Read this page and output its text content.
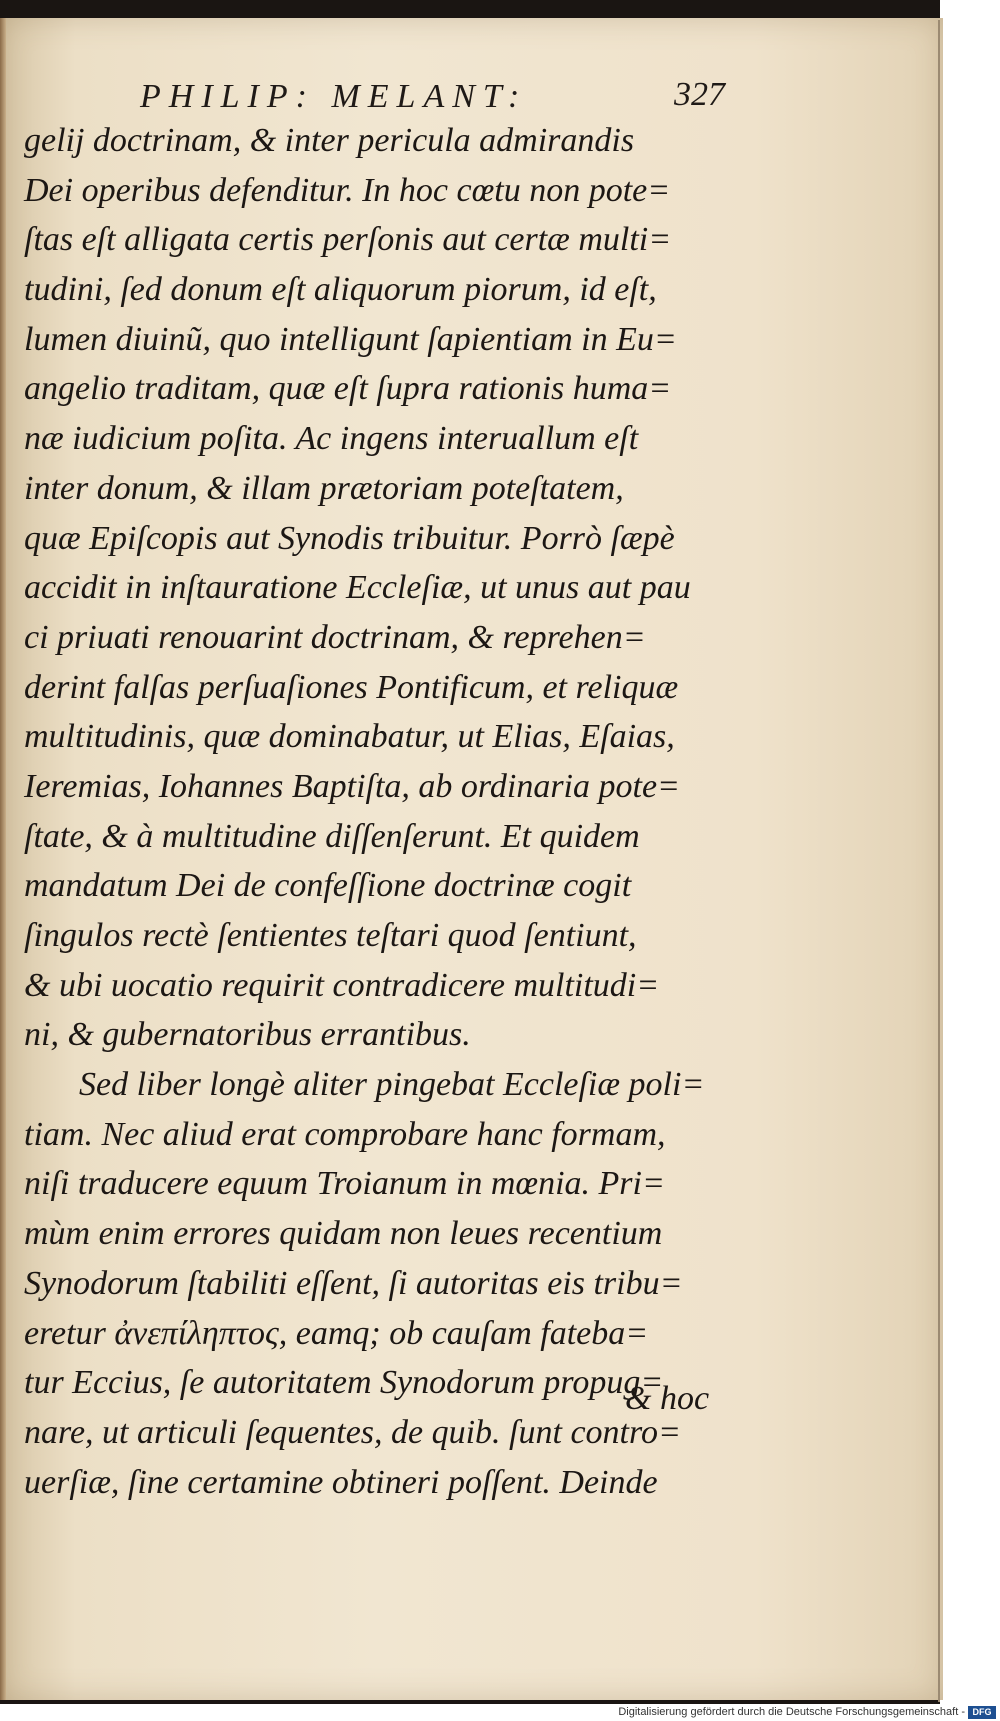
PHILIP: MELANT:	327
gelij doctrinam, & inter pericula admirandis
Dei operibus defenditur. In hoc cœtu non pote=
ſtas eſt alligata certis perſonis aut certæ multi=
tudini, ſed donum eſt aliquorum piorum, id eſt,
lumen diuinũ, quo intelligunt ſapientiam in Eu=
angelio traditam, quæ eſt ſupra rationis huma=
næ iudicium poſita. Ac ingens interuallum eſt
inter donum, & illam prætoriam poteſtatem,
quæ Epiſcopis aut Synodis tribuitur. Porrò ſæpè
accidit in inſtauratione Eccleſiæ, ut unus aut pau
ci priuati renouarint doctrinam, & reprehen=
derint falſas perſuaſiones Pontificum, et reliquæ
multitudinis, quæ dominabatur, ut Elias, Eſaias,
Ieremias, Iohannes Baptiſta, ab ordinaria pote=
ſtate, & à multitudine diſſenſerunt. Et quidem
mandatum Dei de confeſſione doctrinæ cogit
ſingulos rectè ſentientes teſtari quod ſentiunt,
& ubi uocatio requirit contradicere multitudi=
ni, & gubernatoribus errantibus.
Sed liber longè aliter pingebat Eccleſiæ poli=
tiam. Nec aliud erat comprobare hanc formam,
niſi traducere equum Troianum in mœnia. Pri=
mùm enim errores quidam non leues recentium
Synodorum ſtabiliti eſſent, ſi autoritas eis tribu=
eretur ἀνεπίληπτος, eamq; ob cauſam fateba=
tur Eccius, ſe autoritatem Synodorum propug=
nare, ut articuli ſequentes, de quib. ſunt contro=
uerſiæ, ſine certamine obtineri poſſent. Deinde
& hoc
Digitalisierung gefördert durch die Deutsche Forschungsgemeinschaft - DFG
